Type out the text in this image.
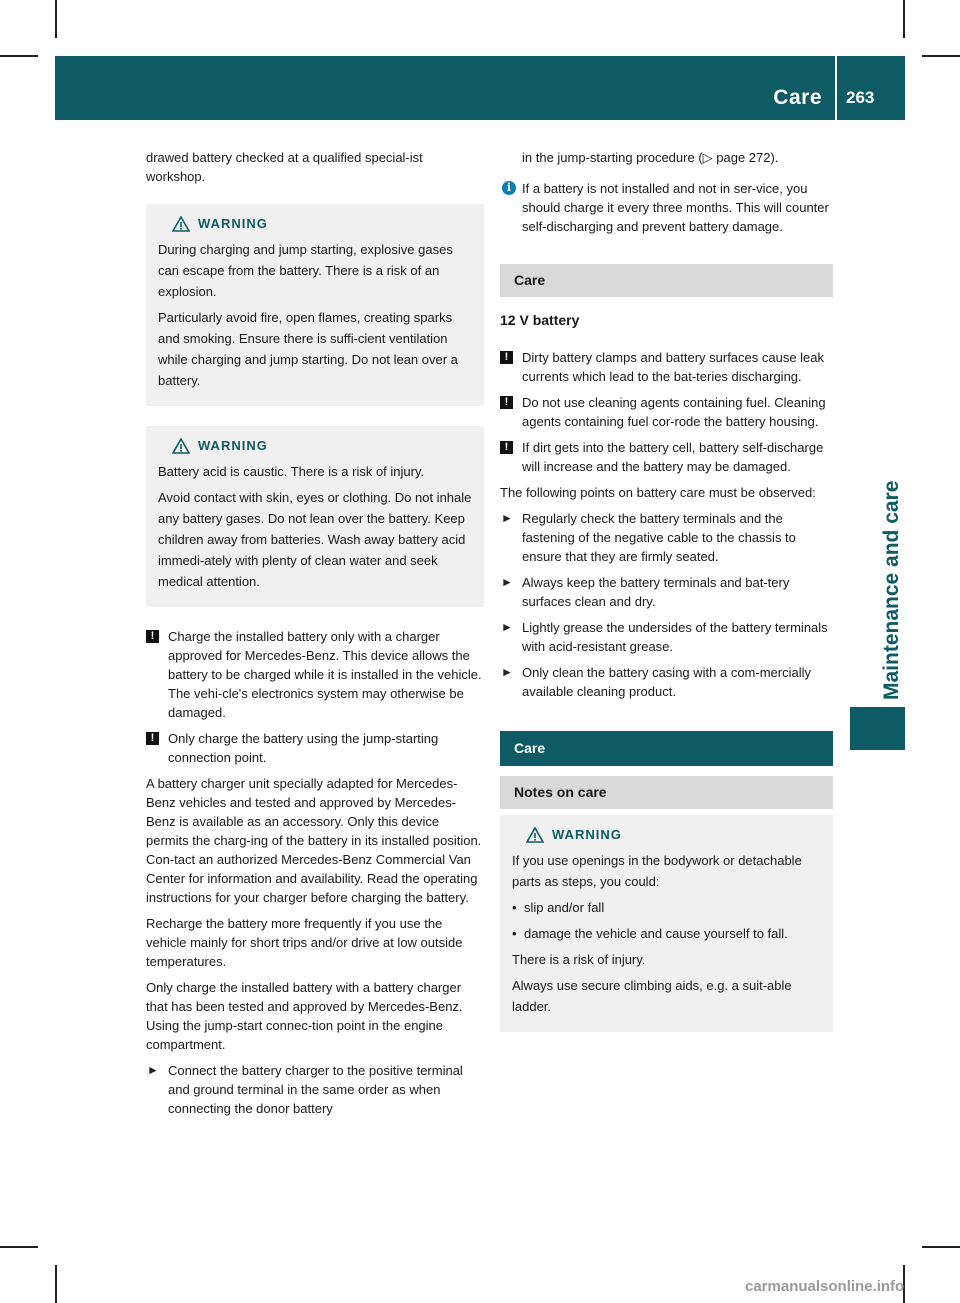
Care 263
Maintenance and care

drawed battery checked at a qualified special-ist workshop.

WARNING

During charging and jump starting, explosive gases can escape from the battery. There is a risk of an explosion.

Particularly avoid fire, open flames, creating sparks and smoking. Ensure there is suffi-cient ventilation while charging and jump starting. Do not lean over a battery.

WARNING

Battery acid is caustic. There is a risk of injury.

Avoid contact with skin, eyes or clothing. Do not inhale any battery gases. Do not lean over the battery. Keep children away from batteries. Wash away battery acid immedi-ately with plenty of clean water and seek medical attention.

!	Charge the installed battery only with a charger approved for Mercedes-Benz. This device allows the battery to be charged while it is installed in the vehicle. The vehi-cle's electronics system may otherwise be damaged.

!	Only charge the battery using the jump-starting connection point.

A battery charger unit specially adapted for Mercedes-Benz vehicles and tested and approved by Mercedes-Benz is available as an accessory. Only this device permits the charg-ing of the battery in its installed position. Con-tact an authorized Mercedes-Benz Commercial Van Center for information and availability. Read the operating instructions for your charger before charging the battery.

Recharge the battery more frequently if you use the vehicle mainly for short trips and/or drive at low outside temperatures.

Only charge the installed battery with a battery charger that has been tested and approved by Mercedes-Benz. Using the jump-start connec-tion point in the engine compartment.

► Connect the battery charger to the positive terminal and ground terminal in the same order as when connecting the donor battery

in the jump-starting procedure (▷ page 272).

i If a battery is not installed and not in ser-vice, you should charge it every three months. This will counter self-discharging and prevent battery damage.

Care
12 V battery

!	Dirty battery clamps and battery surfaces cause leak currents which lead to the bat-teries discharging.

!	Do not use cleaning agents containing fuel. Cleaning agents containing fuel cor-rode the battery housing.

!	If dirt gets into the battery cell, battery self-discharge will increase and the battery may be damaged.

The following points on battery care must be observed:

► Regularly check the battery terminals and the fastening of the negative cable to the chassis to ensure that they are firmly seated.

► Always keep the battery terminals and bat-tery surfaces clean and dry.

► Lightly grease the undersides of the battery terminals with acid-resistant grease.

► Only clean the battery casing with a com-mercially available cleaning product.

Care
Notes on care
WARNING

If you use openings in the bodywork or detachable parts as steps, you could:

• slip and/or fall

• damage the vehicle and cause yourself to fall.

There is a risk of injury.

Always use secure climbing aids, e.g. a suit-able ladder.

carmanualsonline.info
